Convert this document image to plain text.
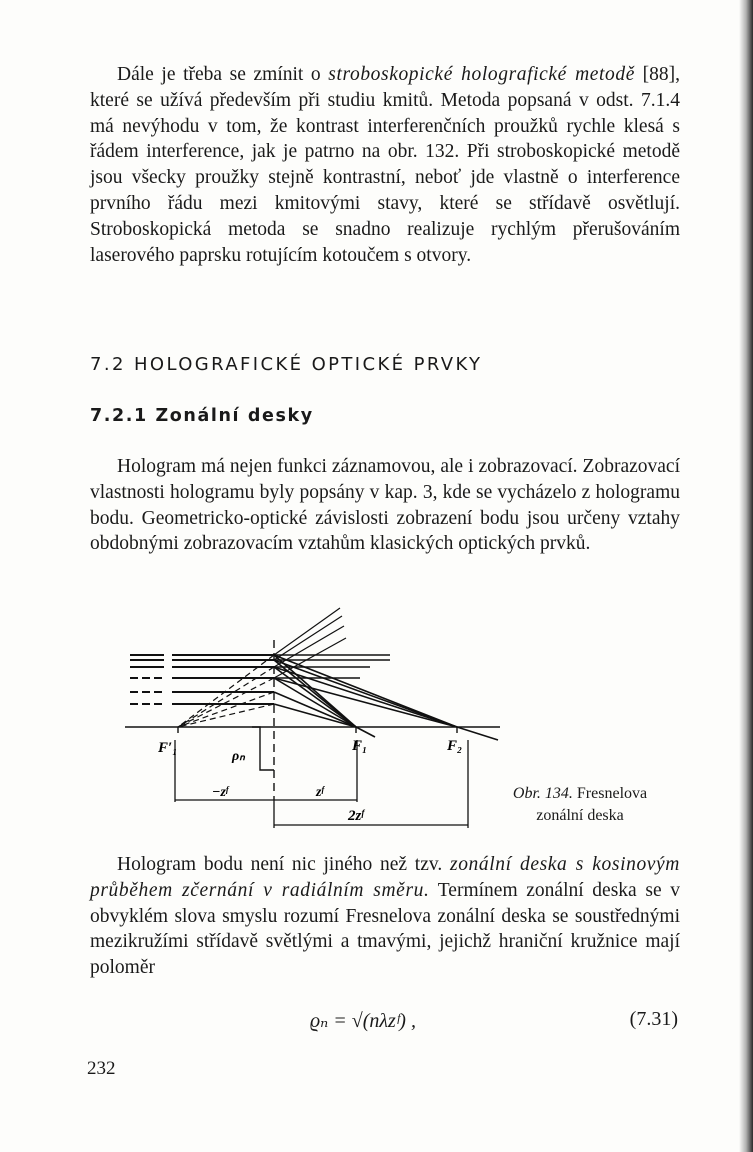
Dále je třeba se zmínit o stroboskopické holografické metodě [88], které se užívá především při studiu kmitů. Metoda popsaná v odst. 7.1.4 má nevýhodu v tom, že kontrast interferenčních proužků rychle klesá s řádem interference, jak je patrno na obr. 132. Při stroboskopické metodě jsou všecky proužky stejně kontrastní, neboť jde vlastně o interference prvního řádu mezi kmitovými stavy, které se střídavě osvětlují. Stroboskopická metoda se snadno realizuje rychlým přerušováním laserového paprsku rotujícím kotoučem s otvory.

7.2 HOLOGRAFICKÉ OPTICKÉ PRVKY
7.2.1 Zonální desky

Hologram má nejen funkci záznamovou, ale i zobrazovací. Zobrazovací vlastnosti hologramu byly popsány v kap. 3, kde se vycházelo z hologramu bodu. Geometricko-optické závislosti zobrazení bodu jsou určeny vztahy obdobnými zobrazovacím vztahům klasických optických prvků.

F′₁
ρₙ
F₁	F₂
−zᶠ	zᶠ
2zᶠ
Obr. 134. Fresnelova
zonální deska

Hologram bodu není nic jiného než tzv. zonální deska s kosinovým průběhem zčernání v radiálním směru. Termínem zonální deska se v obvyklém slova smyslu rozumí Fresnelova zonální deska se soustřednými mezikružími střídavě světlými a tmavými, jejichž hraniční kružnice mají poloměr

ϱₙ = √(nλzᶠ) ,	(7.31)
232
